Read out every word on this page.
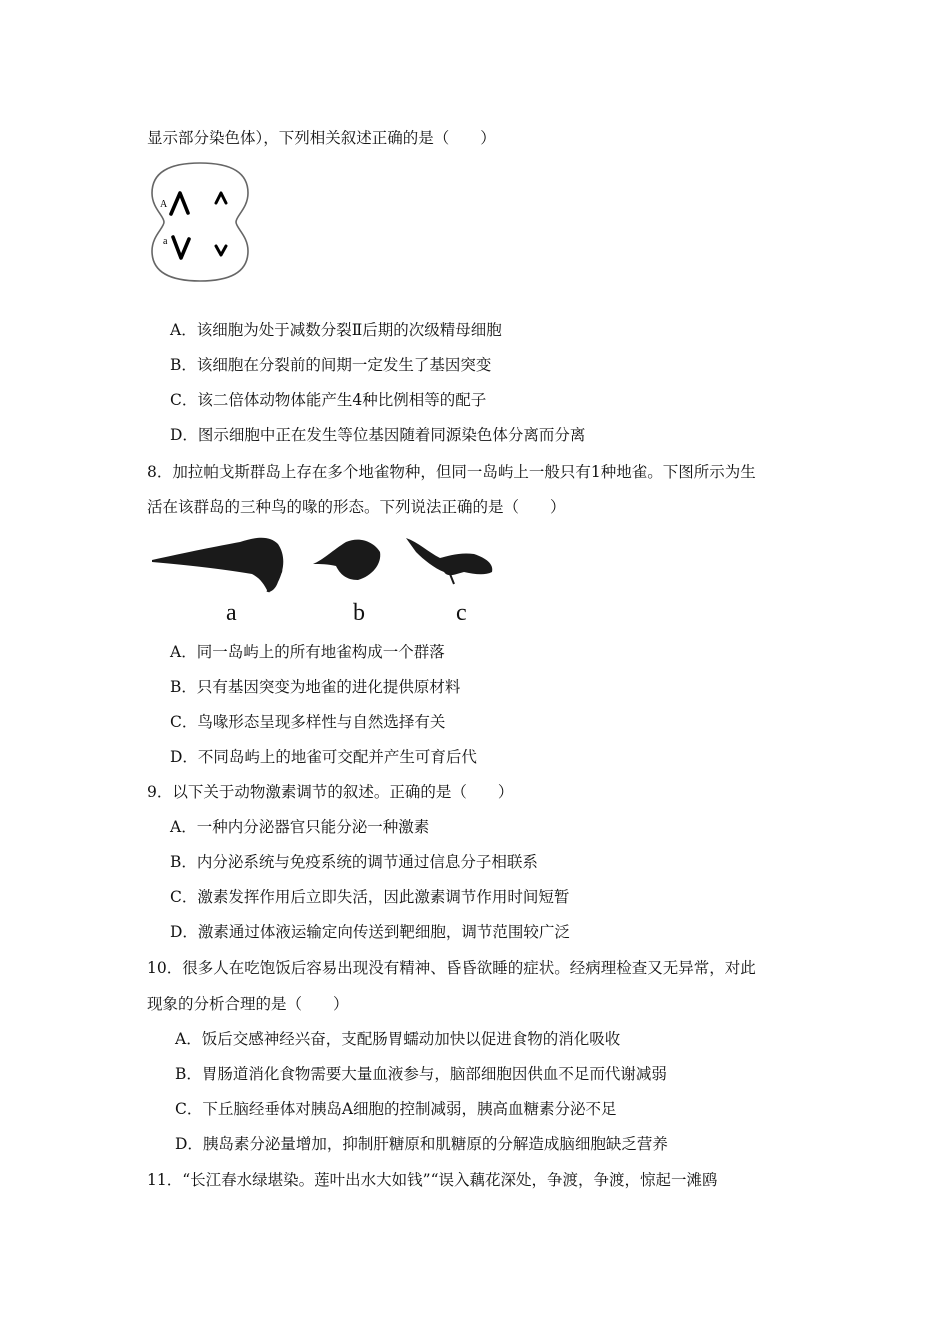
显示部分染色体），下列相关叙述正确的是（　　）
A
a
A．该细胞为处于减数分裂Ⅱ后期的次级精母细胞
B．该细胞在分裂前的间期一定发生了基因突变
C．该二倍体动物体能产生4种比例相等的配子
D．图示细胞中正在发生等位基因随着同源染色体分离而分离
8．加拉帕戈斯群岛上存在多个地雀物种，但同一岛屿上一般只有1种地雀。下图所示为生
活在该群岛的三种鸟的喙的形态。下列说法正确的是（　　）
a	b	c
A．同一岛屿上的所有地雀构成一个群落
B．只有基因突变为地雀的进化提供原材料
C．鸟喙形态呈现多样性与自然选择有关
D．不同岛屿上的地雀可交配并产生可育后代
9．以下关于动物激素调节的叙述。正确的是（　　）
A．一种内分泌器官只能分泌一种激素
B．内分泌系统与免疫系统的调节通过信息分子相联系
C．激素发挥作用后立即失活，因此激素调节作用时间短暂
D．激素通过体液运输定向传送到靶细胞，调节范围较广泛
10．很多人在吃饱饭后容易出现没有精神、昏昏欲睡的症状。经病理检查又无异常，对此
现象的分析合理的是（　　）
A．饭后交感神经兴奋，支配肠胃蠕动加快以促进食物的消化吸收
B．胃肠道消化食物需要大量血液参与，脑部细胞因供血不足而代谢减弱
C．下丘脑经垂体对胰岛A细胞的控制减弱，胰高血糖素分泌不足
D．胰岛素分泌量增加，抑制肝糖原和肌糖原的分解造成脑细胞缺乏营养
11．“长江春水绿堪染。莲叶出水大如钱”“误入藕花深处，争渡，争渡，惊起一滩鸥
